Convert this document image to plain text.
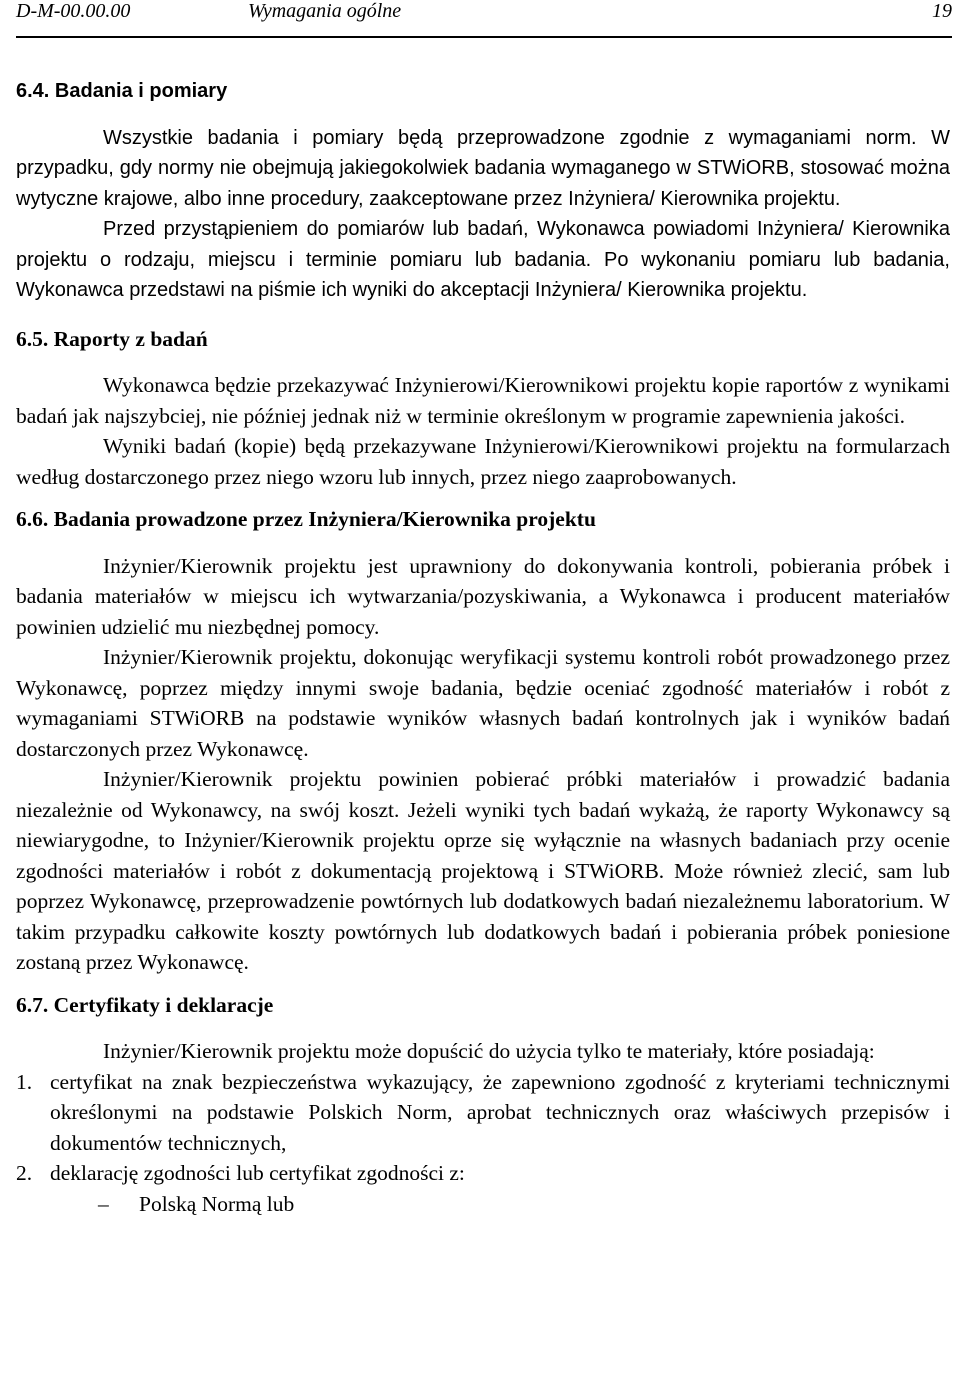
D-M-00.00.00	Wymagania ogólne	19
6.4. Badania i pomiary

Wszystkie badania i pomiary będą przeprowadzone zgodnie z wymaganiami norm. W przypadku, gdy normy nie obejmują jakiegokolwiek badania wymaganego w STWiORB, stosować można wytyczne krajowe, albo inne procedury, zaakceptowane przez Inżyniera/ Kierownika projektu.

Przed przystąpieniem do pomiarów lub badań, Wykonawca powiadomi Inżyniera/ Kierownika projektu o rodzaju, miejscu i terminie pomiaru lub badania. Po wykonaniu pomiaru lub badania, Wykonawca przedstawi na piśmie ich wyniki do akceptacji Inżyniera/ Kierownika projektu.

6.5. Raporty z badań

Wykonawca będzie przekazywać Inżynierowi/Kierownikowi projektu kopie raportów z wynikami badań jak najszybciej, nie później jednak niż w terminie określonym w programie zapewnienia jakości.

Wyniki badań (kopie) będą przekazywane Inżynierowi/Kierownikowi projektu na formularzach według dostarczonego przez niego wzoru lub innych, przez niego zaaprobowanych.

6.6. Badania prowadzone przez Inżyniera/Kierownika projektu

Inżynier/Kierownik projektu jest uprawniony do dokonywania kontroli, pobierania próbek i badania materiałów w miejscu ich wytwarzania/pozyskiwania, a Wykonawca i producent materiałów powinien udzielić mu niezbędnej pomocy.

Inżynier/Kierownik projektu, dokonując weryfikacji systemu kontroli robót prowadzonego przez Wykonawcę, poprzez między innymi swoje badania, będzie oceniać zgodność materiałów i robót z wymaganiami STWiORB na podstawie wyników własnych badań kontrolnych jak i wyników badań dostarczonych przez Wykonawcę.

Inżynier/Kierownik projektu powinien pobierać próbki materiałów i prowadzić badania niezależnie od Wykonawcy, na swój koszt. Jeżeli wyniki tych badań wykażą, że raporty Wykonawcy są niewiarygodne, to Inżynier/Kierownik projektu oprze się wyłącznie na własnych badaniach przy ocenie zgodności materiałów i robót z dokumentacją projektową i STWiORB. Może również zlecić, sam lub poprzez Wykonawcę, przeprowadzenie powtórnych lub dodatkowych badań niezależnemu laboratorium. W takim przypadku całkowite koszty powtórnych lub dodatkowych badań i pobierania próbek poniesione zostaną przez Wykonawcę.

6.7. Certyfikaty i deklaracje

Inżynier/Kierownik projektu może dopuścić do użycia tylko te materiały, które posiadają:

1. certyfikat na znak bezpieczeństwa wykazujący, że zapewniono zgodność z kryteriami technicznymi określonymi na podstawie Polskich Norm, aprobat technicznych oraz właściwych przepisów i dokumentów technicznych,
2. deklarację zgodności lub certyfikat zgodności z:
– Polską Normą lub
